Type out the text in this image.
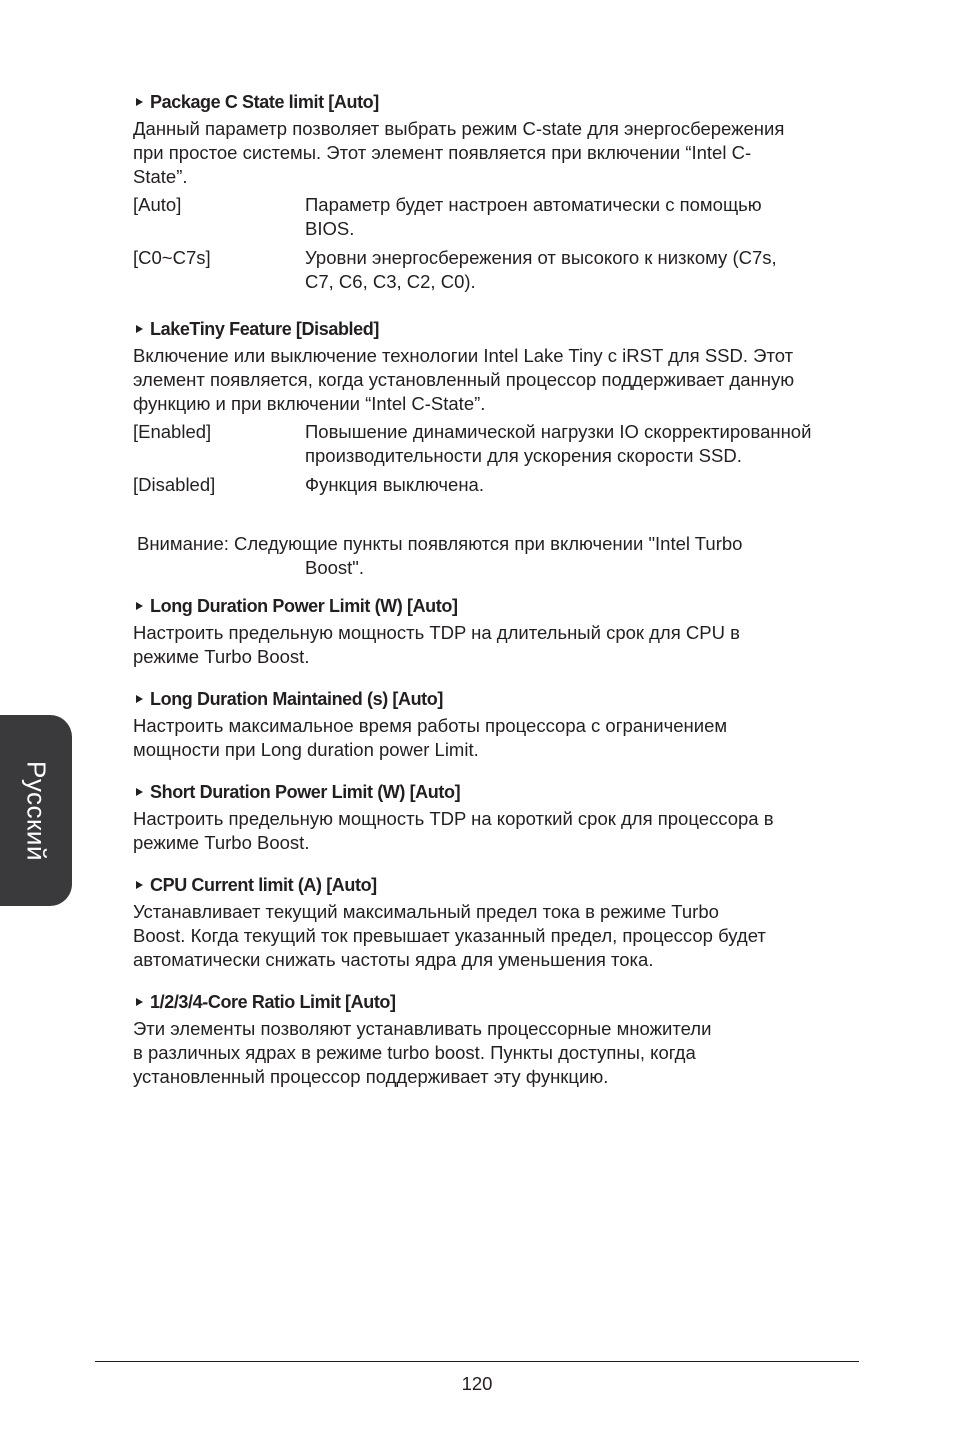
Русский
Package C State limit [Auto]

Данный параметр позволяет выбрать режим C-state для энергосбережения
при простое системы. Этот элемент появляется при включении “Intel C-
State”.

[Auto]	Параметр будет настроен автоматически с помощью
BIOS.
[C0~C7s]	Уровни энергосбережения от высокого к низкому (C7s,
C7, C6, C3, C2, C0).
LakeTiny Feature [Disabled]

Включение или выключение технологии Intel Lake Tiny с iRST для SSD. Этот
элемент появляется, когда установленный процессор поддерживает данную
функцию и при включении “Intel C-State”.

[Enabled]	Повышение динамической нагрузки IO скорректированной
производительности для ускорения скорости SSD.
[Disabled]	Функция выключена.
Внимание: Следующие пункты появляются при включении "Intel Turbo
Boost".
Long Duration Power Limit (W) [Auto]

Настроить предельную мощность TDP на длительный срок для CPU в
режиме Turbo Boost.

Long Duration Maintained (s) [Auto]

Настроить максимальное время работы процессора с ограничением
мощности при Long duration power Limit.

Short Duration Power Limit (W) [Auto]

Настроить предельную мощность TDP на короткий срок для процессора в
режиме Turbo Boost.

CPU Current limit (A) [Auto]

Устанавливает текущий максимальный предел тока в режиме Turbo
Boost. Когда текущий ток превышает указанный предел, процессор будет
автоматически снижать частоты ядра для уменьшения тока.

1/2/3/4-Core Ratio Limit [Auto]

Эти элементы позволяют устанавливать процессорные множители
в различных ядрах в режиме turbo boost. Пункты доступны, когда
установленный процессор поддерживает эту функцию.

120
